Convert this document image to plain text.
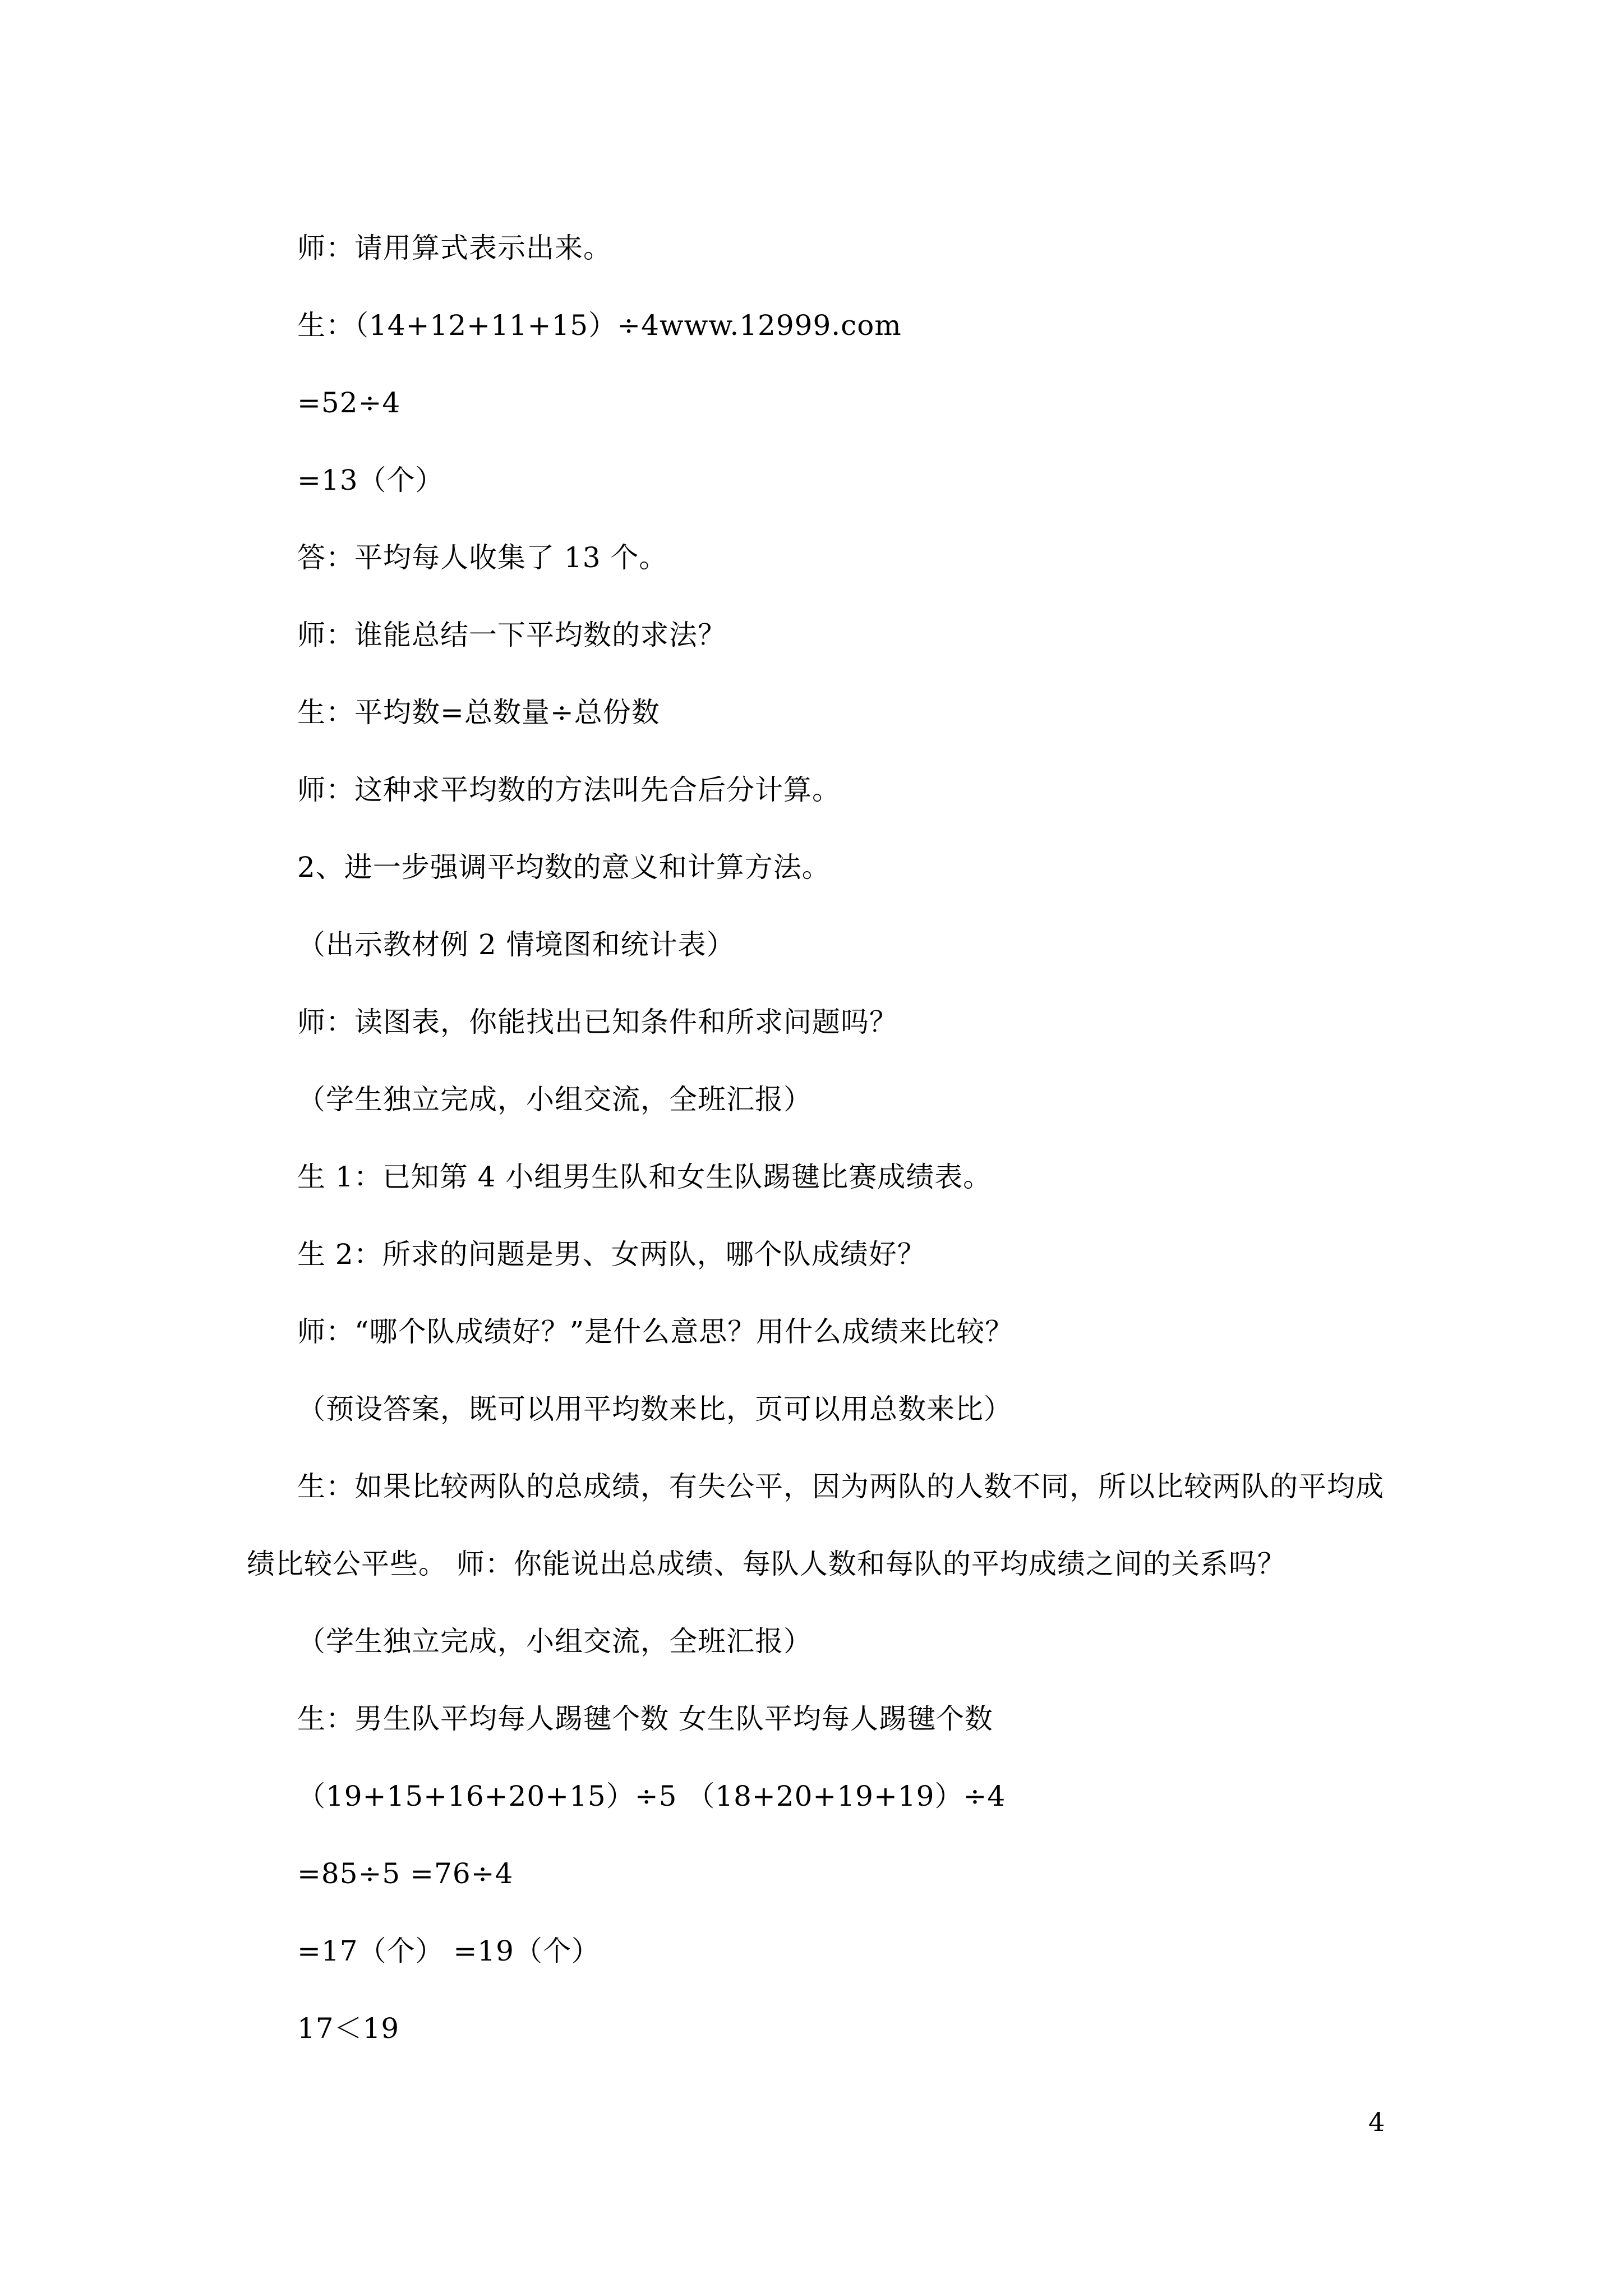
师：请用算式表示出来。
生：（14+12+11+15）÷4www.12999.com
=52÷4
=13（个）
答：平均每人收集了 13 个。
师：谁能总结一下平均数的求法？
生：平均数=总数量÷总份数
师：这种求平均数的方法叫先合后分计算。
2、进一步强调平均数的意义和计算方法。
（出示教材例 2 情境图和统计表）
师：读图表，你能找出已知条件和所求问题吗？
（学生独立完成，小组交流，全班汇报）
生 1：已知第 4 小组男生队和女生队踢毽比赛成绩表。
生 2：所求的问题是男、女两队，哪个队成绩好？
师：“哪个队成绩好？”是什么意思？用什么成绩来比较？
（预设答案，既可以用平均数来比，页可以用总数来比）
生：如果比较两队的总成绩，有失公平，因为两队的人数不同，所以比较两队的平均成
绩比较公平些。 师：你能说出总成绩、每队人数和每队的平均成绩之间的关系吗？
（学生独立完成，小组交流，全班汇报）
生：男生队平均每人踢毽个数 女生队平均每人踢毽个数
（19+15+16+20+15）÷5 （18+20+19+19）÷4
=85÷5 =76÷4
=17（个） =19（个）
17＜19
4
